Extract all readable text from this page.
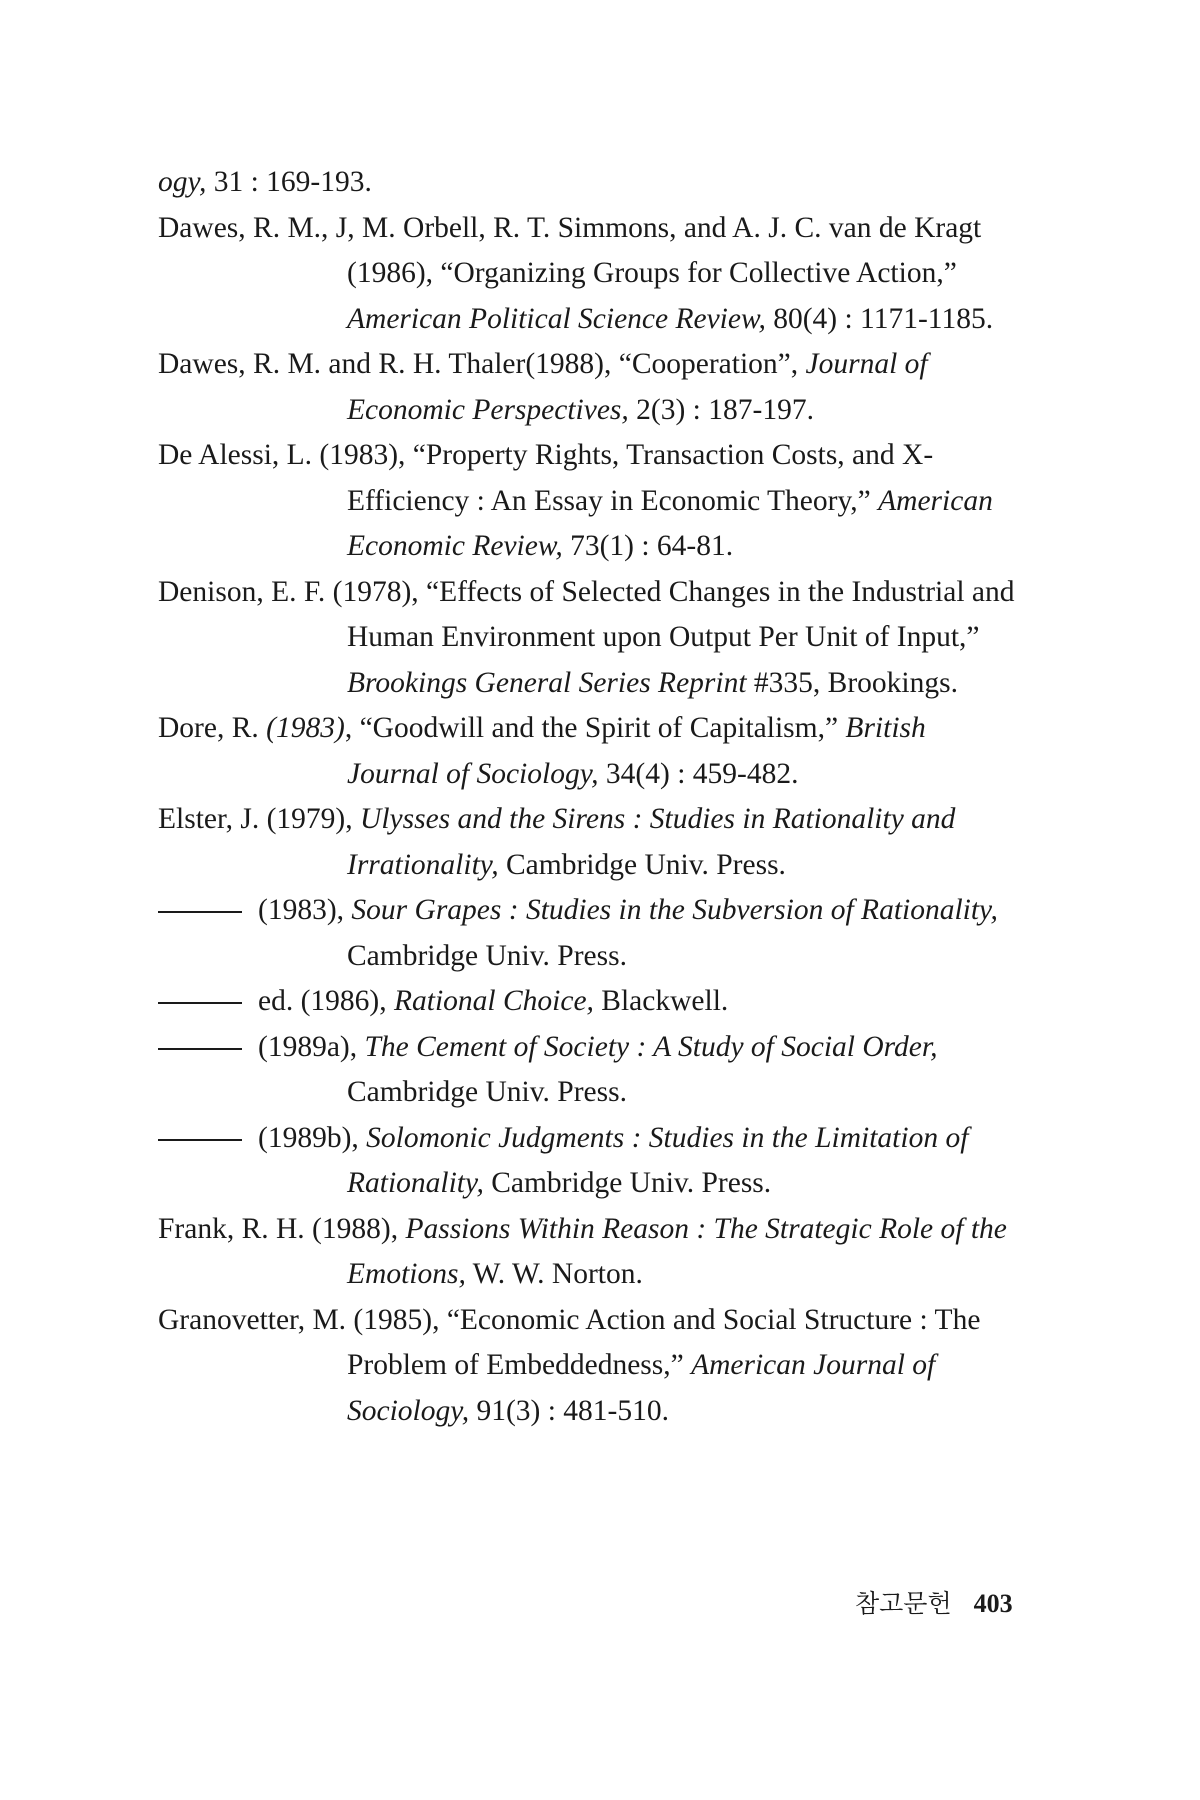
ogy, 31 : 169-193.

Dawes, R. M., J, M. Orbell, R. T. Simmons, and A. J. C. van de Kragt (1986), “Organizing Groups for Collective Action,” American Political Science Review, 80(4) : 1171-1185.

Dawes, R. M. and R. H. Thaler(1988), “Cooperation”, Journal of Economic Perspectives, 2(3) : 187-197.

De Alessi, L. (1983), “Property Rights, Transaction Costs, and X-Efficiency : An Essay in Economic Theory,” American Economic Review, 73(1) : 64-81.

Denison, E. F. (1978), “Effects of Selected Changes in the Industrial and Human Environment upon Output Per Unit of Input,” Brookings General Series Reprint #335, Brookings.

Dore, R. (1983), “Goodwill and the Spirit of Capitalism,” British Journal of Sociology, 34(4) : 459-482.

Elster, J. (1979), Ulysses and the Sirens : Studies in Rationality and Irrationality, Cambridge Univ. Press.

(1983), Sour Grapes : Studies in the Subversion of Rationality, Cambridge Univ. Press.

ed. (1986), Rational Choice, Blackwell.

(1989a), The Cement of Society : A Study of Social Order, Cambridge Univ. Press.

(1989b), Solomonic Judgments : Studies in the Limitation of Rationality, Cambridge Univ. Press.

Frank, R. H. (1988), Passions Within Reason : The Strategic Role of the Emotions, W. W. Norton.

Granovetter, M. (1985), “Economic Action and Social Structure : The Problem of Embeddedness,” American Journal of Sociology, 91(3) : 481-510.

참고문헌 403
